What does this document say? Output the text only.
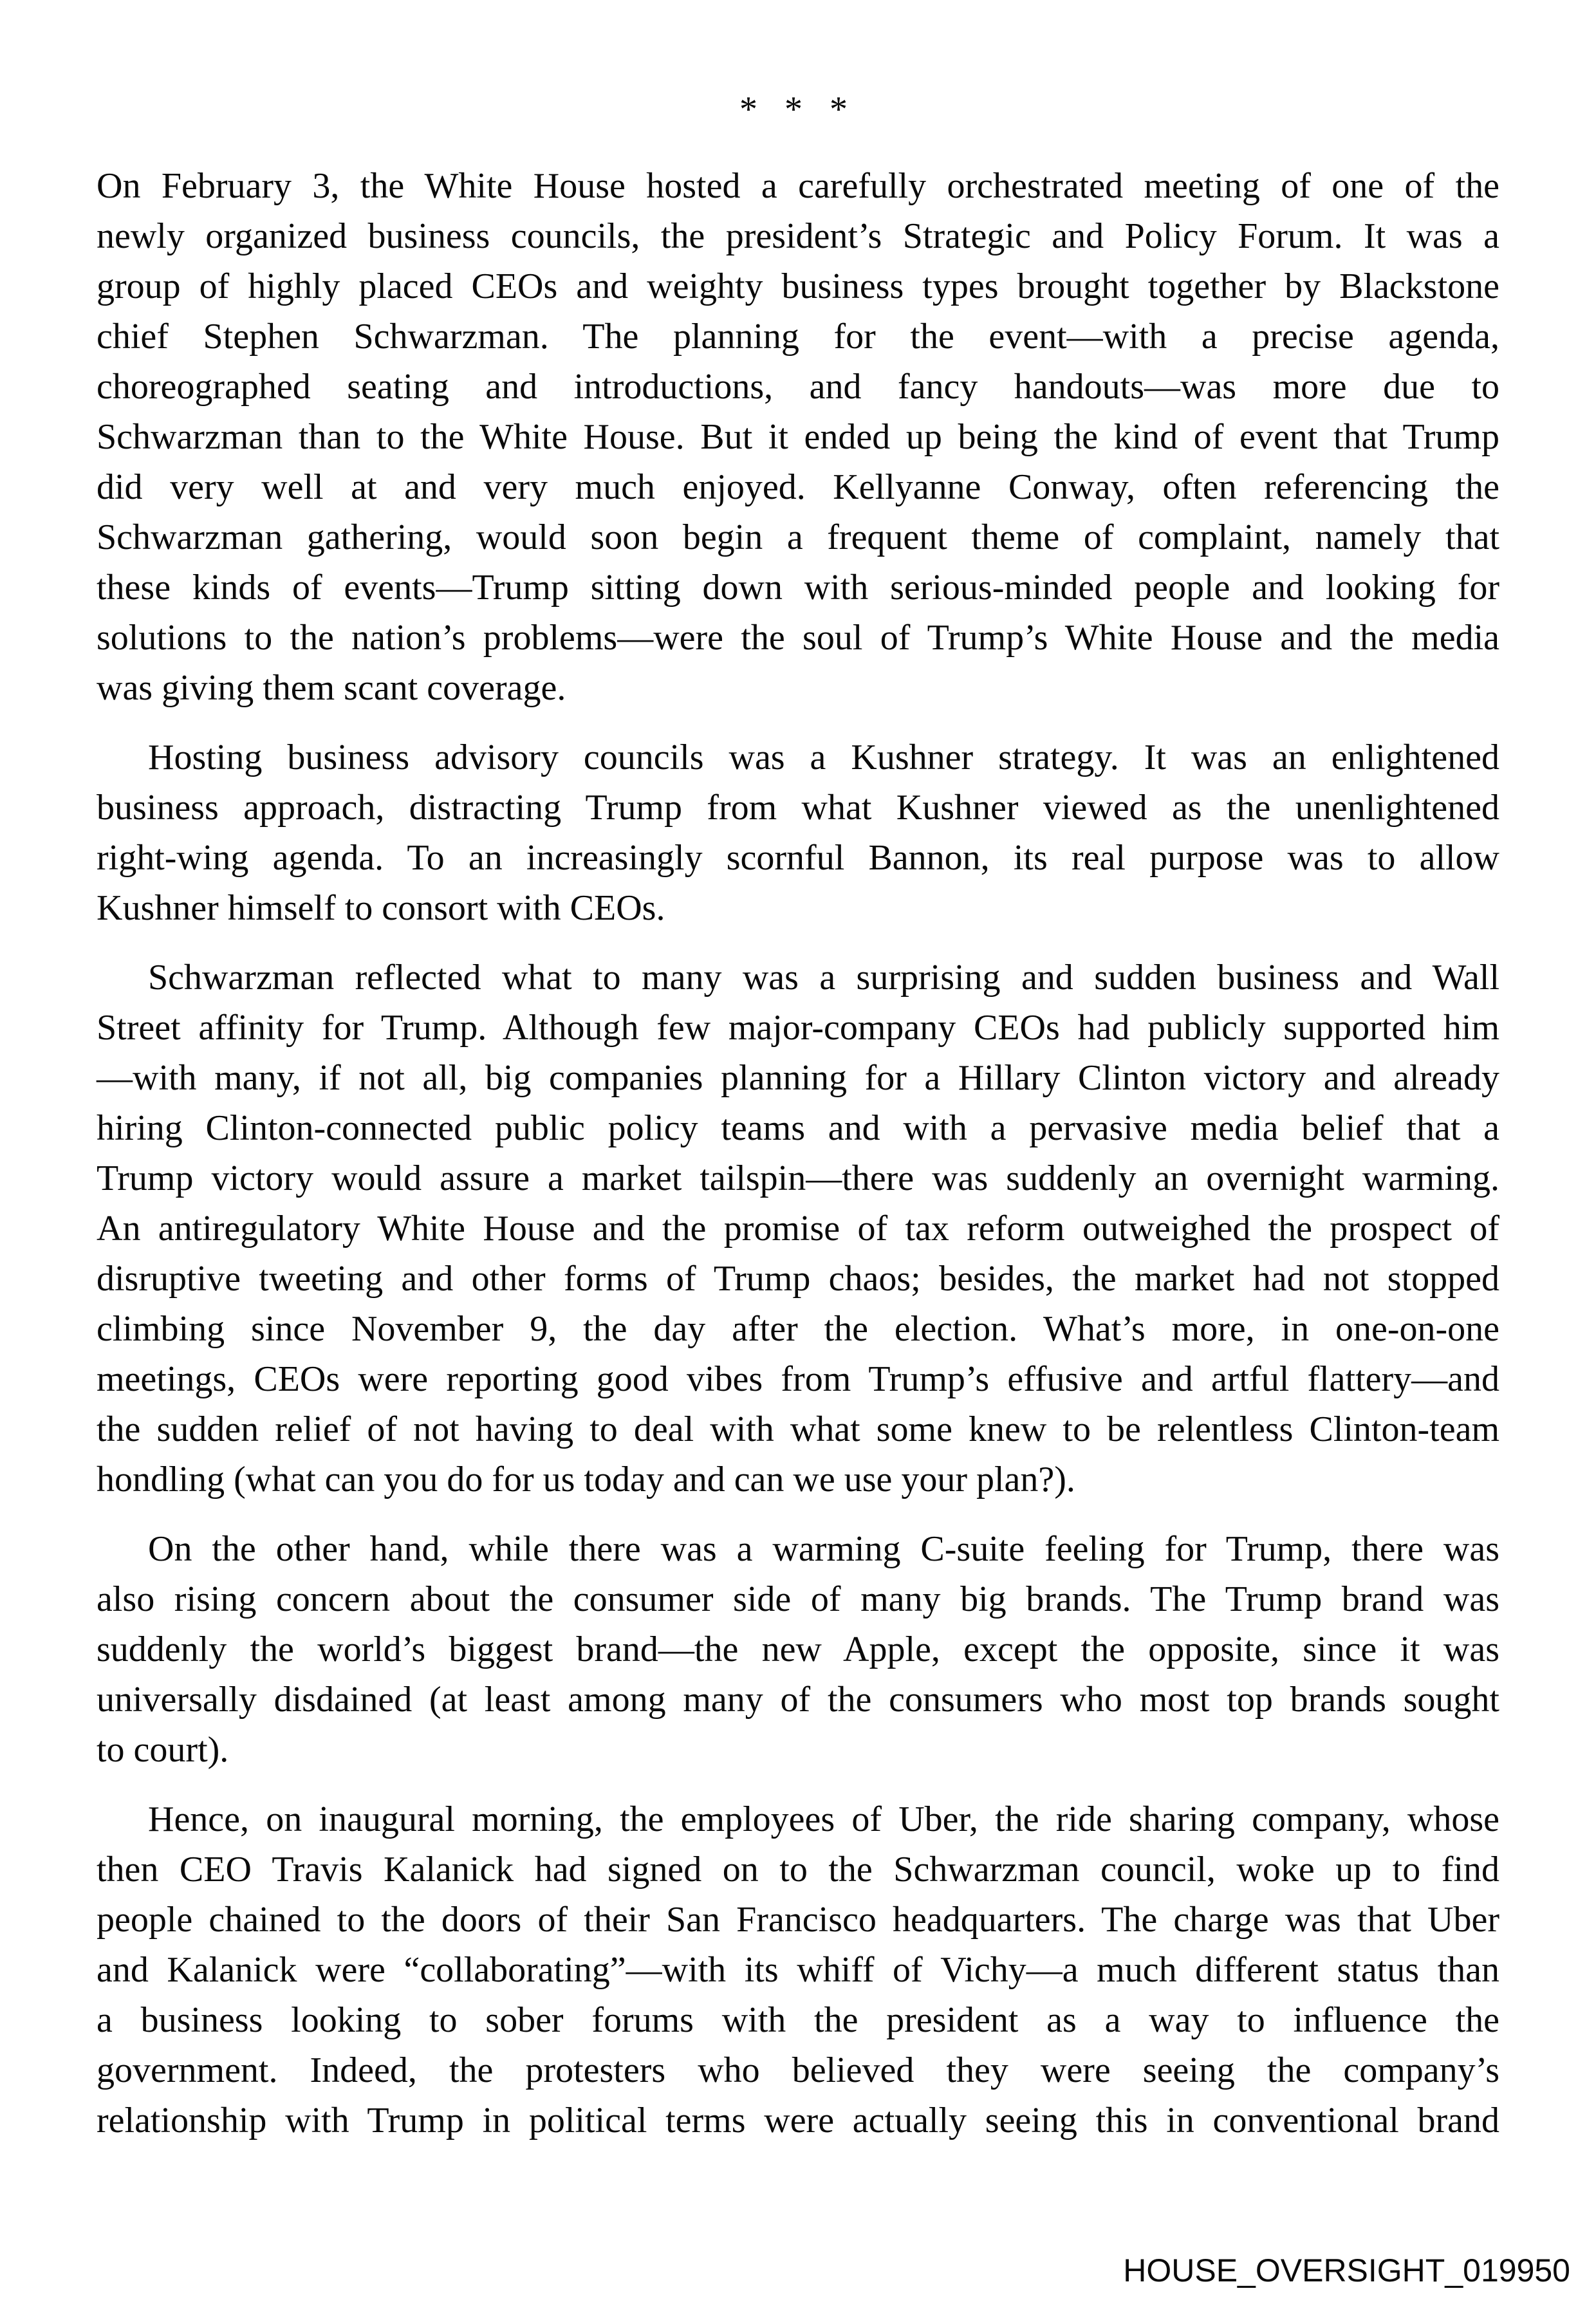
* * *
On February 3, the White House hosted a carefully orchestrated meeting of one of the
newly organized business councils, the president’s Strategic and Policy Forum. It was a
group of highly placed CEOs and weighty business types brought together by Blackstone
chief Stephen Schwarzman. The planning for the event—with a precise agenda,
choreographed seating and introductions, and fancy handouts—was more due to
Schwarzman than to the White House. But it ended up being the kind of event that Trump
did very well at and very much enjoyed. Kellyanne Conway, often referencing the
Schwarzman gathering, would soon begin a frequent theme of complaint, namely that
these kinds of events—Trump sitting down with serious-minded people and looking for
solutions to the nation’s problems—were the soul of Trump’s White House and the media
was giving them scant coverage.
Hosting business advisory councils was a Kushner strategy. It was an enlightened
business approach, distracting Trump from what Kushner viewed as the unenlightened
right-wing agenda. To an increasingly scornful Bannon, its real purpose was to allow
Kushner himself to consort with CEOs.
Schwarzman reflected what to many was a surprising and sudden business and Wall
Street affinity for Trump. Although few major-company CEOs had publicly supported him
—with many, if not all, big companies planning for a Hillary Clinton victory and already
hiring Clinton-connected public policy teams and with a pervasive media belief that a
Trump victory would assure a market tailspin—there was suddenly an overnight warming.
An antiregulatory White House and the promise of tax reform outweighed the prospect of
disruptive tweeting and other forms of Trump chaos; besides, the market had not stopped
climbing since November 9, the day after the election. What’s more, in one-on-one
meetings, CEOs were reporting good vibes from Trump’s effusive and artful flattery—and
the sudden relief of not having to deal with what some knew to be relentless Clinton-team
hondling (what can you do for us today and can we use your plan?).
On the other hand, while there was a warming C-suite feeling for Trump, there was
also rising concern about the consumer side of many big brands. The Trump brand was
suddenly the world’s biggest brand—the new Apple, except the opposite, since it was
universally disdained (at least among many of the consumers who most top brands sought
to court).
Hence, on inaugural morning, the employees of Uber, the ride sharing company, whose
then CEO Travis Kalanick had signed on to the Schwarzman council, woke up to find
people chained to the doors of their San Francisco headquarters. The charge was that Uber
and Kalanick were “collaborating”—with its whiff of Vichy—a much different status than
a business looking to sober forums with the president as a way to influence the
government. Indeed, the protesters who believed they were seeing the company’s
relationship with Trump in political terms were actually seeing this in conventional brand
HOUSE_OVERSIGHT_019950
